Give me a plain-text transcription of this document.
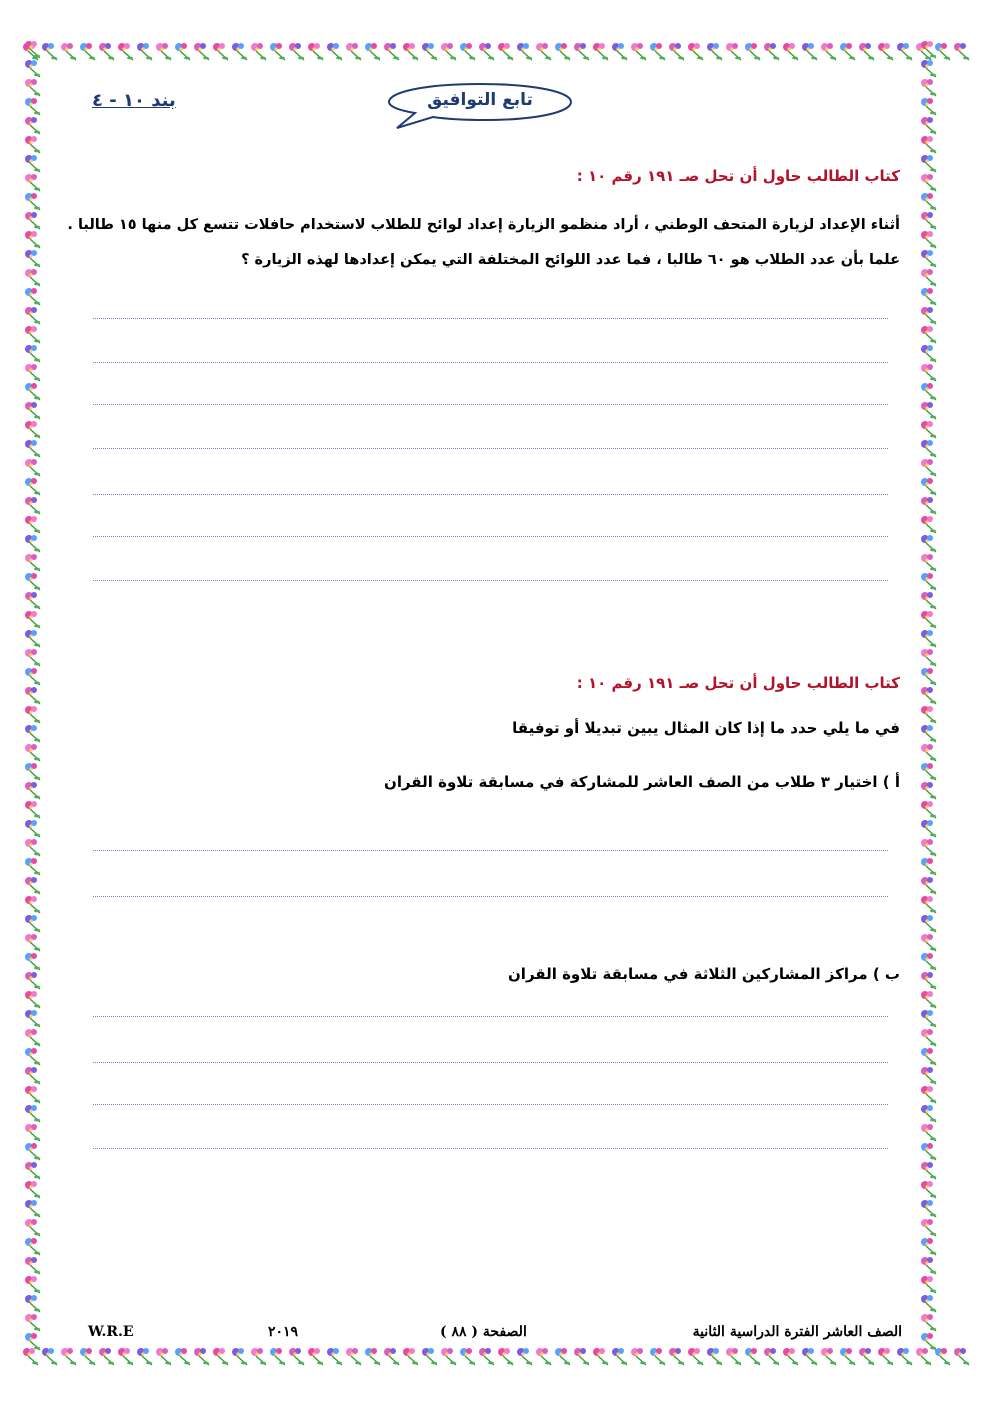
بند ١٠ - ٤	تابع التوافيق
كتاب الطالب حاول أن تحل صـ ١٩١ رقم ١٠ :
أثناء الإعداد لزيارة المتحف الوطني ، أراد منظمو الزيارة إعداد لوائح للطلاب لاستخدام حافلات تتسع كل منها ١٥ طالبا . علما بأن عدد الطلاب هو ٦٠ طالبا ، فما عدد اللوائح المختلفة التي يمكن إعدادها لهذه الزيارة ؟
كتاب الطالب حاول أن تحل صـ ١٩١ رقم ١٠ :
في ما يلي حدد ما إذا كان المثال يبين تبديلا أو توفيقا
أ ) اختيار ٣ طلاب من الصف العاشر للمشاركة في مسابقة تلاوة القران
ب ) مراكز المشاركين الثلاثة في مسابقة تلاوة القران
W.R.E	٢٠١٩	الصفحة ( ٨٨ )	الصف العاشر الفترة الدراسية الثانية
